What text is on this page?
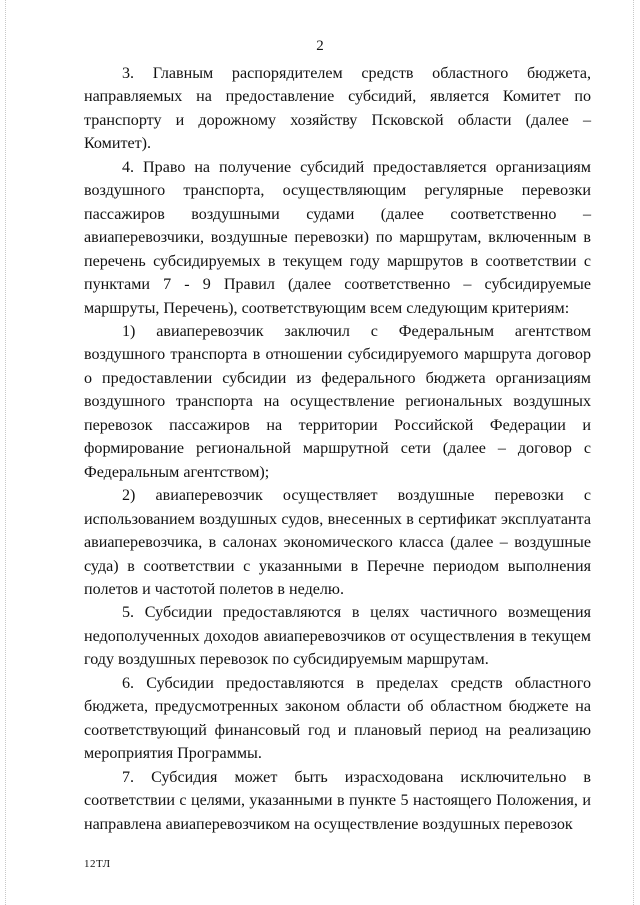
2

3. Главным распорядителем средств областного бюджета, направляемых на предоставление субсидий, является Комитет по транспорту и дорожному хозяйству Псковской области (далее – Комитет).

4. Право на получение субсидий предоставляется организациям воздушного транспорта, осуществляющим регулярные перевозки пассажиров воздушными судами (далее соответственно – авиаперевозчики, воздушные перевозки) по маршрутам, включенным в перечень субсидируемых в текущем году маршрутов в соответствии с пунктами 7 - 9 Правил (далее соответственно – субсидируемые маршруты, Перечень), соответствующим всем следующим критериям:

1) авиаперевозчик заключил с Федеральным агентством воздушного транспорта в отношении субсидируемого маршрута договор о предоставлении субсидии из федерального бюджета организациям воздушного транспорта на осуществление региональных воздушных перевозок пассажиров на территории Российской Федерации и формирование региональной маршрутной сети (далее – договор с Федеральным агентством);

2) авиаперевозчик осуществляет воздушные перевозки с использованием воздушных судов, внесенных в сертификат эксплуатанта авиаперевозчика, в салонах экономического класса (далее – воздушные суда) в соответствии с указанными в Перечне периодом выполнения полетов и частотой полетов в неделю.

5. Субсидии предоставляются в целях частичного возмещения недополученных доходов авиаперевозчиков от осуществления в текущем году воздушных перевозок по субсидируемым маршрутам.

6. Субсидии предоставляются в пределах средств областного бюджета, предусмотренных законом области об областном бюджете на соответствующий финансовый год и плановый период на реализацию мероприятия Программы.

7. Субсидия может быть израсходована исключительно в соответствии с целями, указанными в пункте 5 настоящего Положения, и направлена авиаперевозчиком на осуществление воздушных перевозок

12ТЛ
